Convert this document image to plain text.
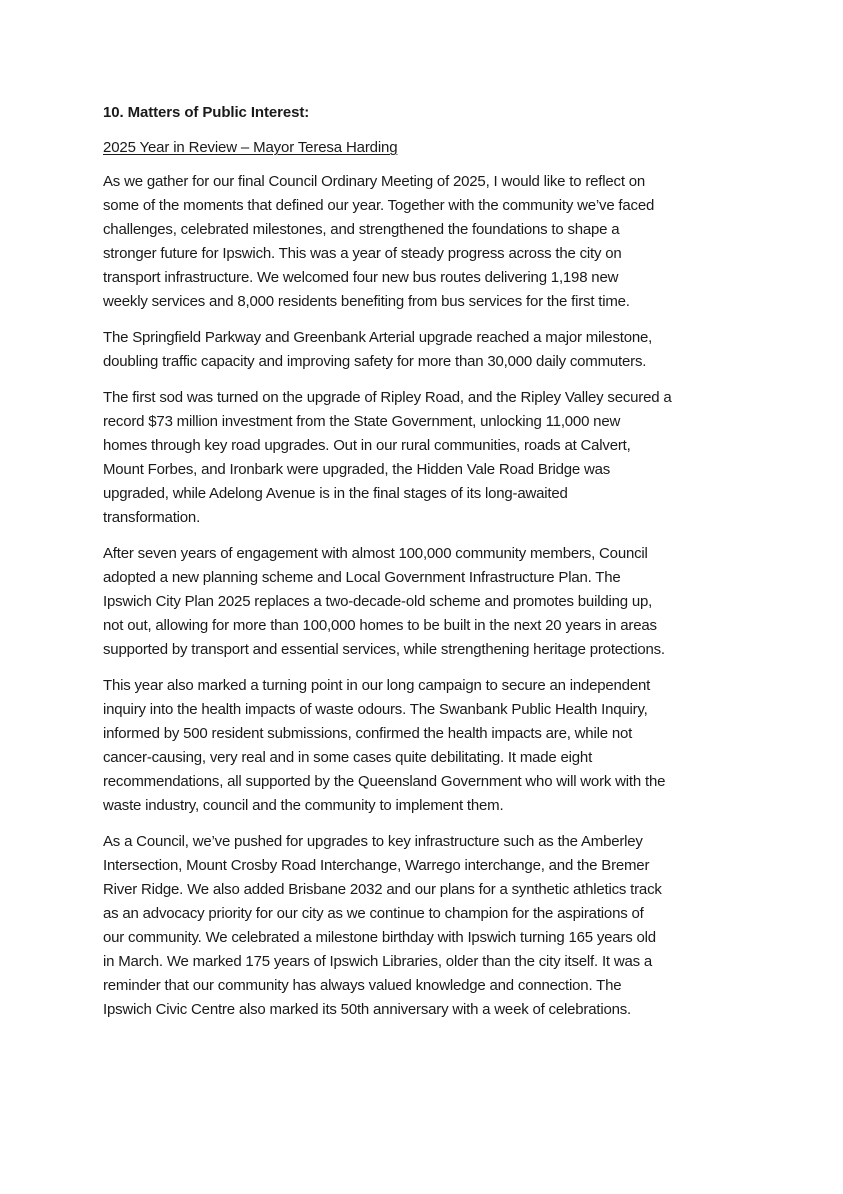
10. Matters of Public Interest:
2025 Year in Review – Mayor Teresa Harding

As we gather for our final Council Ordinary Meeting of 2025, I would like to reflect on
some of the moments that defined our year. Together with the community we’ve faced
challenges, celebrated milestones, and strengthened the foundations to shape a
stronger future for Ipswich. This was a year of steady progress across the city on
transport infrastructure. We welcomed four new bus routes delivering 1,198 new
weekly services and 8,000 residents benefiting from bus services for the first time.

The Springfield Parkway and Greenbank Arterial upgrade reached a major milestone,
doubling traffic capacity and improving safety for more than 30,000 daily commuters.

The first sod was turned on the upgrade of Ripley Road, and the Ripley Valley secured a
record $73 million investment from the State Government, unlocking 11,000 new
homes through key road upgrades. Out in our rural communities, roads at Calvert,
Mount Forbes, and Ironbark were upgraded, the Hidden Vale Road Bridge was
upgraded, while Adelong Avenue is in the final stages of its long-awaited
transformation.

After seven years of engagement with almost 100,000 community members, Council
adopted a new planning scheme and Local Government Infrastructure Plan. The
Ipswich City Plan 2025 replaces a two-decade-old scheme and promotes building up,
not out, allowing for more than 100,000 homes to be built in the next 20 years in areas
supported by transport and essential services, while strengthening heritage protections.

This year also marked a turning point in our long campaign to secure an independent
inquiry into the health impacts of waste odours. The Swanbank Public Health Inquiry,
informed by 500 resident submissions, confirmed the health impacts are, while not
cancer-causing, very real and in some cases quite debilitating. It made eight
recommendations, all supported by the Queensland Government who will work with the
waste industry, council and the community to implement them.

As a Council, we’ve pushed for upgrades to key infrastructure such as the Amberley
Intersection, Mount Crosby Road Interchange, Warrego interchange, and the Bremer
River Ridge. We also added Brisbane 2032 and our plans for a synthetic athletics track
as an advocacy priority for our city as we continue to champion for the aspirations of
our community. We celebrated a milestone birthday with Ipswich turning 165 years old
in March. We marked 175 years of Ipswich Libraries, older than the city itself. It was a
reminder that our community has always valued knowledge and connection. The
Ipswich Civic Centre also marked its 50th anniversary with a week of celebrations.
